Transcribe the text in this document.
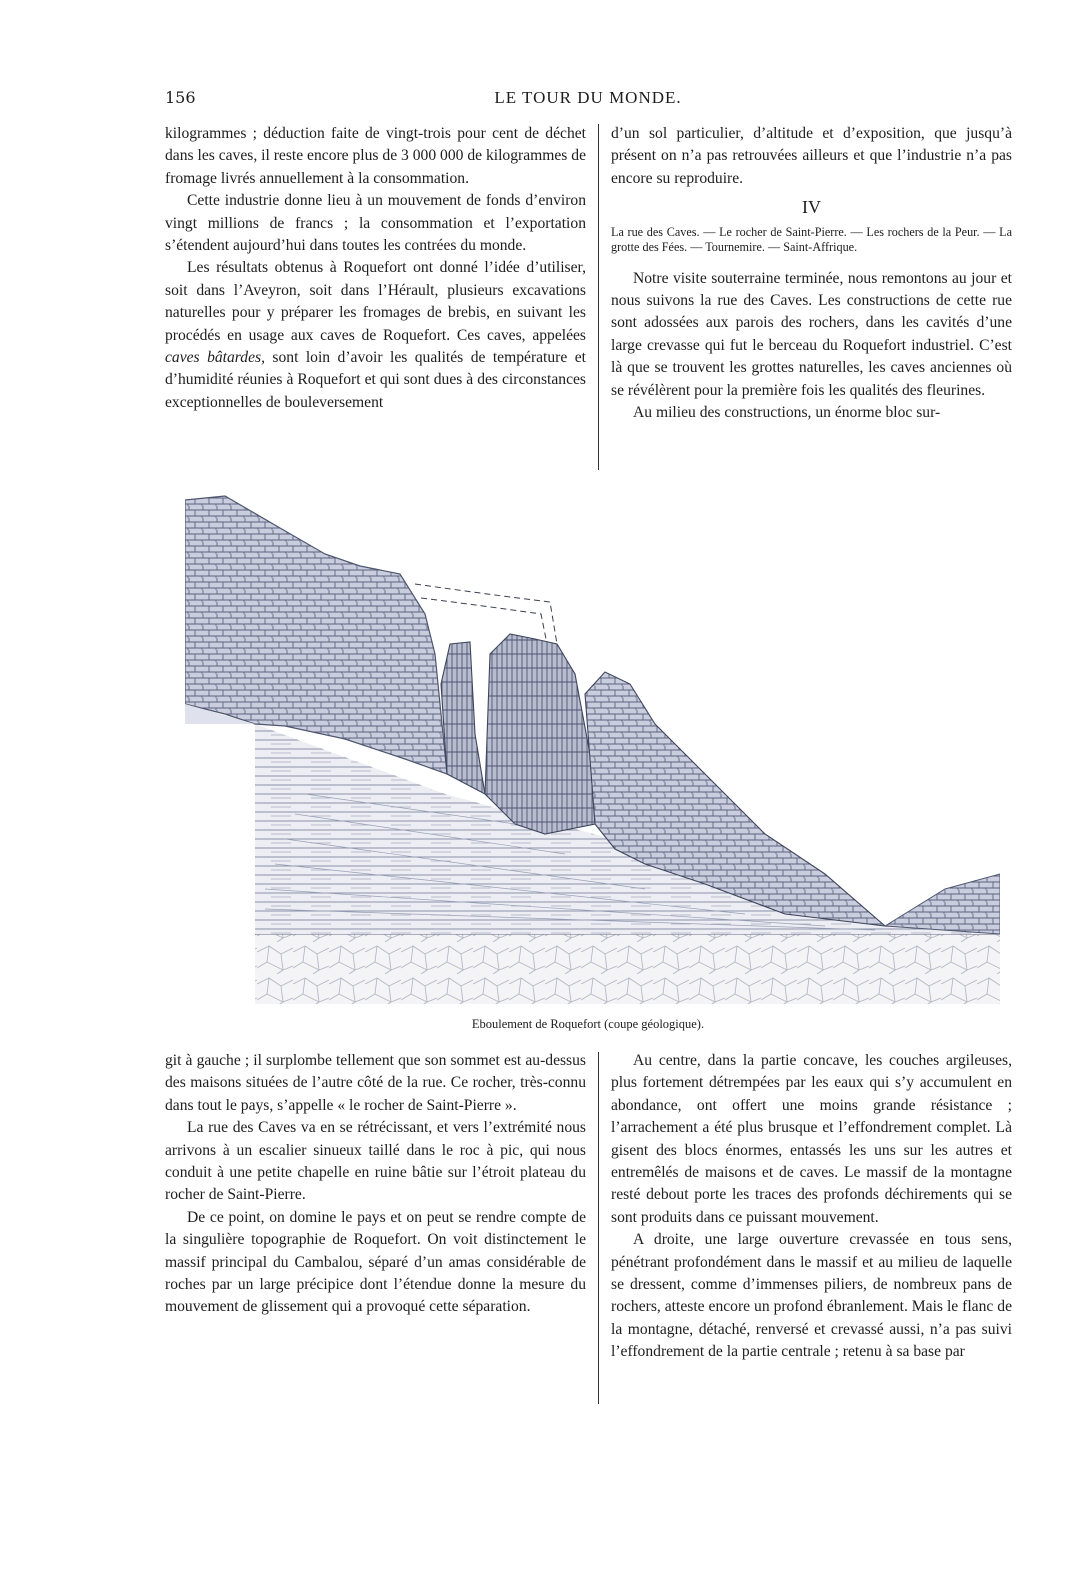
156	LE TOUR DU MONDE.

kilogrammes ; déduction faite de vingt-trois pour cent de déchet dans les caves, il reste encore plus de 3 000 000 de kilogrammes de fromage livrés annuellement à la consommation.

Cette industrie donne lieu à un mouvement de fonds d’environ vingt millions de francs ; la consommation et l’exportation s’étendent aujourd’hui dans toutes les contrées du monde.

Les résultats obtenus à Roquefort ont donné l’idée d’utiliser, soit dans l’Aveyron, soit dans l’Hérault, plusieurs excavations naturelles pour y préparer les fromages de brebis, en suivant les procédés en usage aux caves de Roquefort. Ces caves, appelées caves bâtardes, sont loin d’avoir les qualités de température et d’humidité réunies à Roquefort et qui sont dues à des circonstances exceptionnelles de bouleversement

d’un sol particulier, d’altitude et d’exposition, que jusqu’à présent on n’a pas retrouvées ailleurs et que l’industrie n’a pas encore su reproduire.

IV

La rue des Caves. — Le rocher de Saint-Pierre. — Les rochers de la Peur. — La grotte des Fées. — Tournemire. — Saint-Affrique.

Notre visite souterraine terminée, nous remontons au jour et nous suivons la rue des Caves. Les constructions de cette rue sont adossées aux parois des rochers, dans les cavités d’une large crevasse qui fut le berceau du Roquefort industriel. C’est là que se trouvent les grottes naturelles, les caves anciennes où se révélèrent pour la première fois les qualités des fleurines.

Au milieu des constructions, un énorme bloc sur-

Eboulement de Roquefort (coupe géologique).

git à gauche ; il surplombe tellement que son sommet est au-dessus des maisons situées de l’autre côté de la rue. Ce rocher, très-connu dans tout le pays, s’appelle « le rocher de Saint-Pierre ».

La rue des Caves va en se rétrécissant, et vers l’extrémité nous arrivons à un escalier sinueux taillé dans le roc à pic, qui nous conduit à une petite chapelle en ruine bâtie sur l’étroit plateau du rocher de Saint-Pierre.

De ce point, on domine le pays et on peut se rendre compte de la singulière topographie de Roquefort. On voit distinctement le massif principal du Cambalou, séparé d’un amas considérable de roches par un large précipice dont l’étendue donne la mesure du mouvement de glissement qui a provoqué cette séparation.

Au centre, dans la partie concave, les couches argileuses, plus fortement détrempées par les eaux qui s’y accumulent en abondance, ont offert une moins grande résistance ; l’arrachement a été plus brusque et l’effondrement complet. Là gisent des blocs énormes, entassés les uns sur les autres et entremêlés de maisons et de caves. Le massif de la montagne resté debout porte les traces des profonds déchirements qui se sont produits dans ce puissant mouvement.

A droite, une large ouverture crevassée en tous sens, pénétrant profondément dans le massif et au milieu de laquelle se dressent, comme d’immenses piliers, de nombreux pans de rochers, atteste encore un profond ébranlement. Mais le flanc de la montagne, détaché, renversé et crevassé aussi, n’a pas suivi l’effondrement de la partie centrale ; retenu à sa base par
